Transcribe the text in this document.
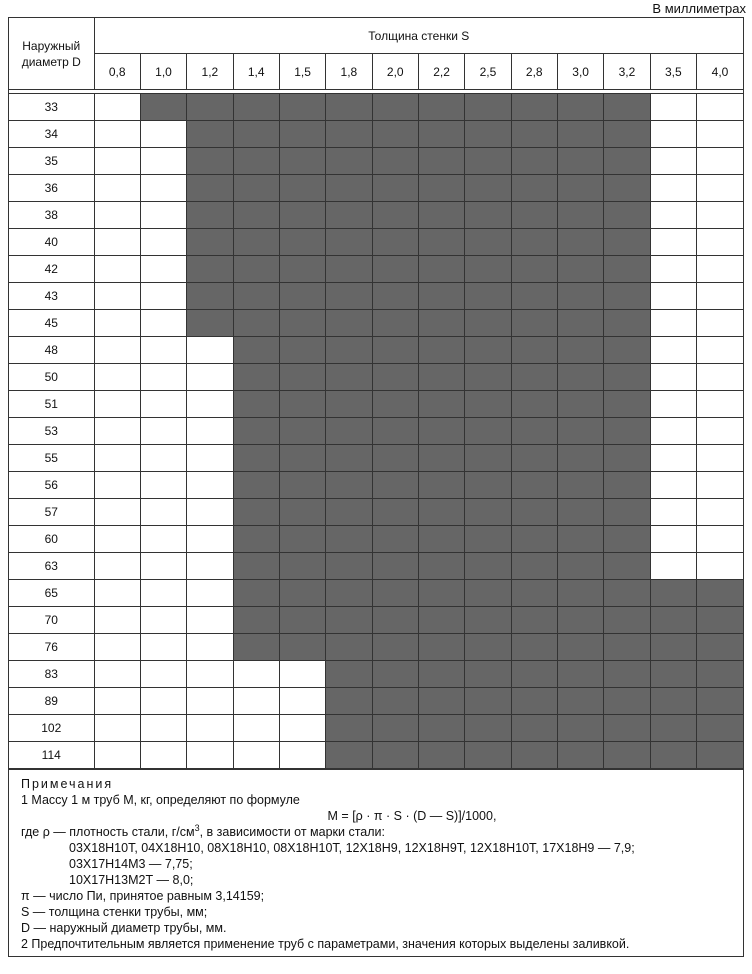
В миллиметрах
Наружный
диаметр D	Толщина стенки S													
	0,8	1,0	1,2	1,4	1,5	1,8	2,0	2,2	2,5	2,8	3,0	3,2	3,5	4,0

33														
34														
35														
36														
38														
40														
42														
43														
45														
48														
50														
51														
53														
55														
56														
57														
60														
63														
65														
70														
76														
83														
89														
102														
114														
Примечания
1 Массу 1 м труб M, кг, определяют по формуле
M = [ρ · π · S · (D — S)]/1000,
где ρ — плотность стали, $г/см^3$, в зависимости от марки стали:
03Х18Н10Т, 04Х18Н10, 08Х18Н10, 08Х18Н10Т, 12Х18Н9, 12Х18Н9Т, 12Х18Н10Т, 17Х18Н9 — 7,9;
03Х17Н14М3 — 7,75;
10Х17Н13М2Т — 8,0;
π — число Пи, принятое равным 3,14159;
S — толщина стенки трубы, мм;
D — наружный диаметр трубы, мм.
2 Предпочтительным является применение труб с параметрами, значения которых выделены заливкой.
